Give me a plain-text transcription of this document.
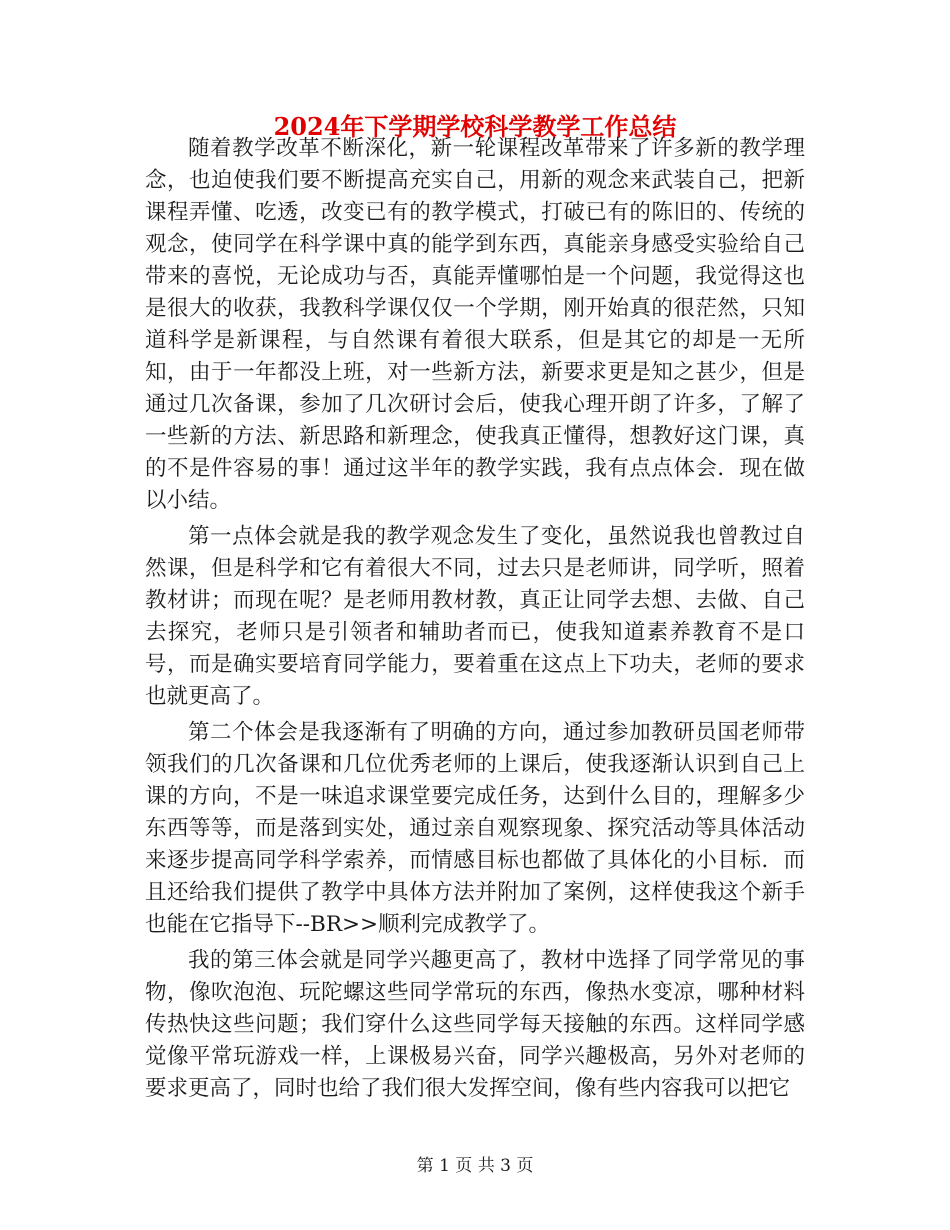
2024年下学期学校科学教学工作总结

随着教学改革不断深化，新一轮课程改革带来了许多新的教学理念，也迫使我们要不断提高充实自己，用新的观念来武装自己，把新课程弄懂、吃透，改变已有的教学模式，打破已有的陈旧的、传统的观念，使同学在科学课中真的能学到东西，真能亲身感受实验给自己带来的喜悦，无论成功与否，真能弄懂哪怕是一个问题，我觉得这也是很大的收获，我教科学课仅仅一个学期，刚开始真的很茫然，只知道科学是新课程，与自然课有着很大联系，但是其它的却是一无所知，由于一年都没上班，对一些新方法，新要求更是知之甚少，但是通过几次备课，参加了几次研讨会后，使我心理开朗了许多，了解了一些新的方法、新思路和新理念，使我真正懂得，想教好这门课，真的不是件容易的事！通过这半年的教学实践，我有点点体会．现在做以小结。

第一点体会就是我的教学观念发生了变化，虽然说我也曾教过自然课，但是科学和它有着很大不同，过去只是老师讲，同学听，照着教材讲；而现在呢？是老师用教材教，真正让同学去想、去做、自己去探究，老师只是引领者和辅助者而已，使我知道素养教育不是口号，而是确实要培育同学能力，要着重在这点上下功夫，老师的要求也就更高了。

第二个体会是我逐渐有了明确的方向，通过参加教研员国老师带领我们的几次备课和几位优秀老师的上课后，使我逐渐认识到自己上课的方向，不是一味追求课堂要完成任务，达到什么目的，理解多少东西等等，而是落到实处，通过亲自观察现象、探究活动等具体活动来逐步提高同学科学索养，而情感目标也都做了具体化的小目标．而且还给我们提供了教学中具体方法并附加了案例，这样使我这个新手也能在它指导下--BR>>顺利完成教学了。

我的第三体会就是同学兴趣更高了，教材中选择了同学常见的事物，像吹泡泡、玩陀螺这些同学常玩的东西，像热水变凉，哪种材料传热快这些问题；我们穿什么这些同学每天接触的东西。这样同学感觉像平常玩游戏一样，上课极易兴奋，同学兴趣极高，另外对老师的要求更高了，同时也给了我们很大发挥空间，像有些内容我可以把它

第 1 页 共 3 页
